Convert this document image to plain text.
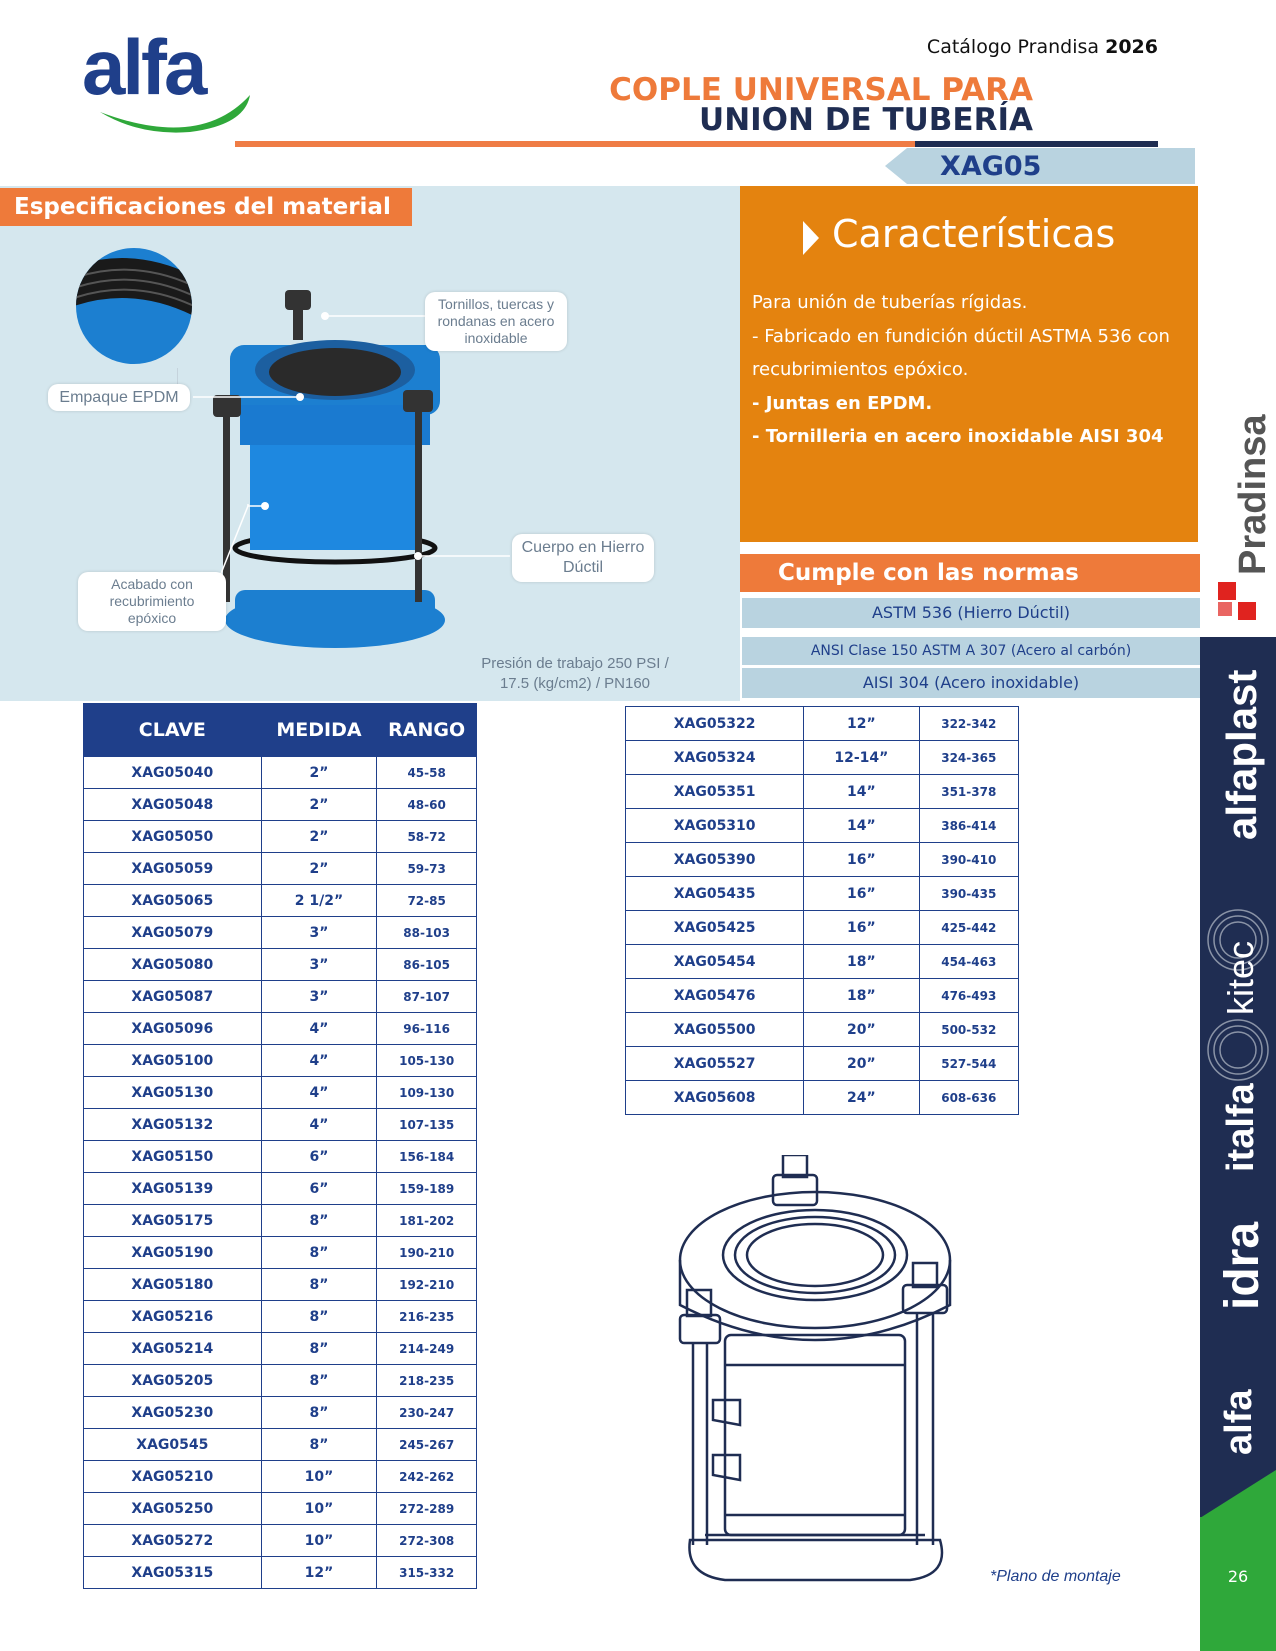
alfa	Catálogo Prandisa 2026
COPLE UNIVERSAL PARA
UNION DE TUBERÍA
XAG05
Especificaciones del material
Tornillos, tuercas y rondanas en acero inoxidable
Empaque EPDM
Cuerpo en Hierro Dúctil
Acabado con recubrimiento epóxico
Presión de trabajo 250 PSI /
17.5 (kg/cm2) / PN160
Características
Para unión de tuberías rígidas.
- Fabricado en fundición dúctil ASTMA 536 con recubrimientos epóxico.
- Juntas en EPDM.
- Tornilleria en acero inoxidable AISI 304
Cumple con las normas
ASTM 536 (Hierro Dúctil)
ANSI Clase 150 ASTM A 307 (Acero al carbón)
AISI 304 (Acero inoxidable)
CLAVE	MEDIDA	RANGO
XAG05040	2”	45-58
XAG05048	2”	48-60
XAG05050	2”	58-72
XAG05059	2”	59-73
XAG05065	2 1/2”	72-85
XAG05079	3”	88-103
XAG05080	3”	86-105
XAG05087	3”	87-107
XAG05096	4”	96-116
XAG05100	4”	105-130
XAG05130	4”	109-130
XAG05132	4”	107-135
XAG05150	6”	156-184
XAG05139	6”	159-189
XAG05175	8”	181-202
XAG05190	8”	190-210
XAG05180	8”	192-210
XAG05216	8”	216-235
XAG05214	8”	214-249
XAG05205	8”	218-235
XAG05230	8”	230-247
XAG0545	8”	245-267
XAG05210	10”	242-262
XAG05250	10”	272-289
XAG05272	10”	272-308
XAG05315	12”	315-332
XAG05322	12”	322-342
XAG05324	12-14”	324-365
XAG05351	14”	351-378
XAG05310	14”	386-414
XAG05390	16”	390-410
XAG05435	16”	390-435
XAG05425	16”	425-442
XAG05454	18”	454-463
XAG05476	18”	476-493
XAG05500	20”	500-532
XAG05527	20”	527-544
XAG05608	24”	608-636
*Plano de montaje
Pradinsa
alfaplast
kitec
italfa
idra
alfa
26
